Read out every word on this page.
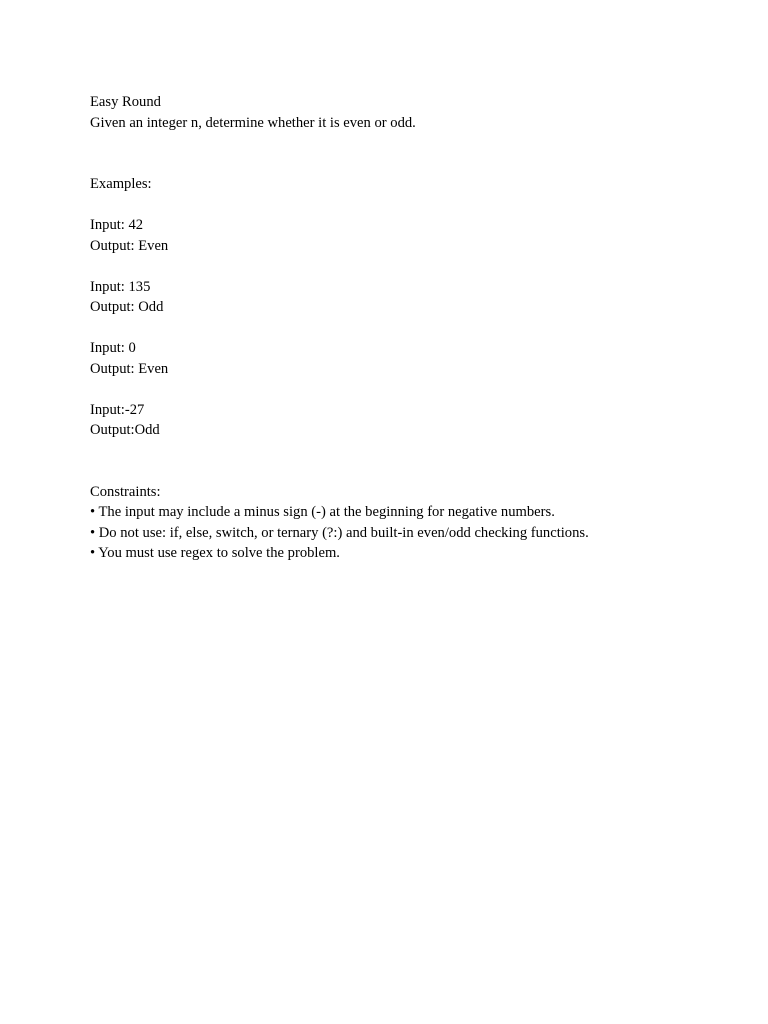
Easy Round

Given an integer n, determine whether it is even or odd.

Examples:

Input: 42

Output: Even

Input: 135

Output: Odd

Input: 0

Output: Even

Input:-27

Output:Odd

Constraints:

• The input may include a minus sign (-) at the beginning for negative numbers.

• Do not use: if, else, switch, or ternary (?:) and built-in even/odd checking functions.

• You must use regex to solve the problem.
